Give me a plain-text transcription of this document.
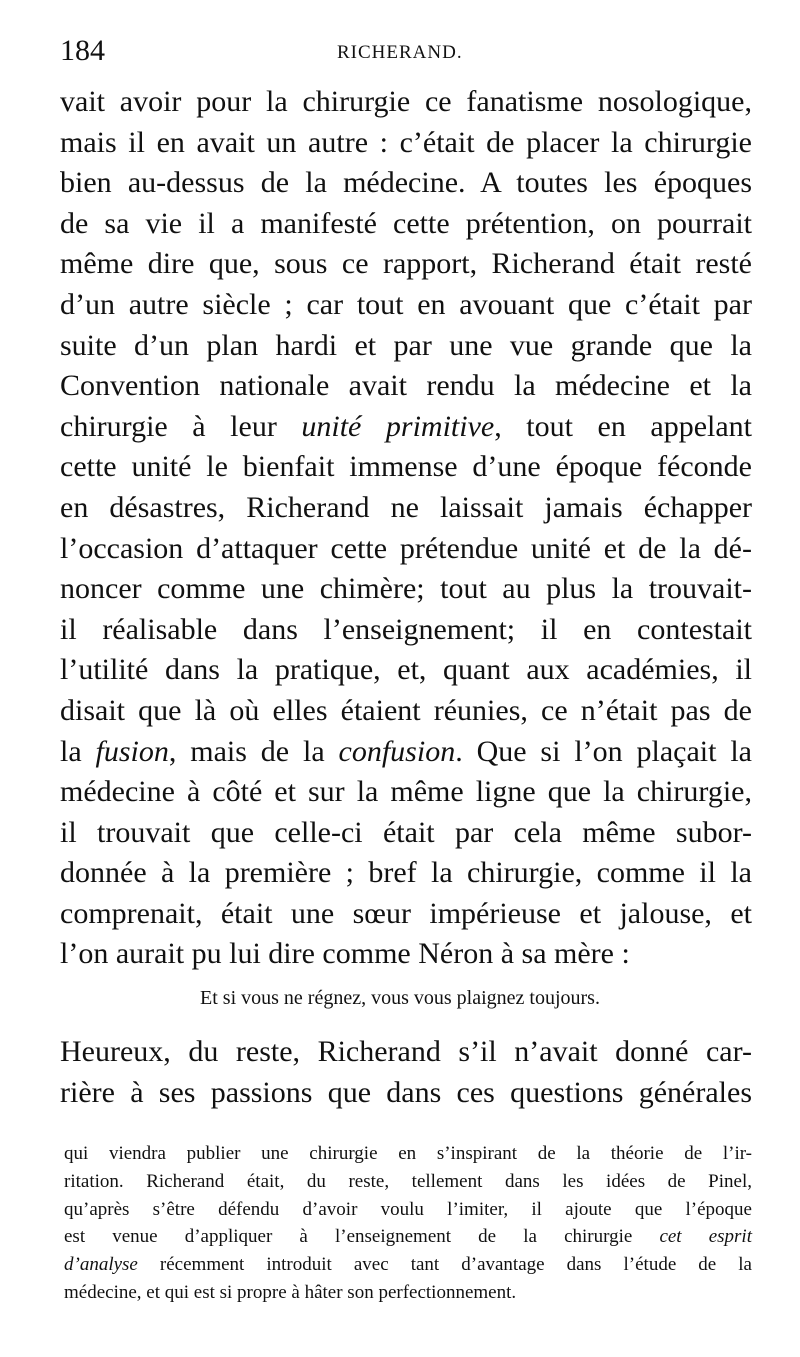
184	RICHERAND.
vait avoir pour la chirurgie ce fanatisme nosologique,
mais il en avait un autre : c’était de placer la chirurgie
bien au-dessus de la médecine. A toutes les époques
de sa vie il a manifesté cette prétention, on pourrait
même dire que, sous ce rapport, Richerand était resté
d’un autre siècle ; car tout en avouant que c’était par
suite d’un plan hardi et par une vue grande que la
Convention nationale avait rendu la médecine et la
chirurgie à leur unité primitive, tout en appelant
cette unité le bienfait immense d’une époque féconde
en désastres, Richerand ne laissait jamais échapper
l’occasion d’attaquer cette prétendue unité et de la dé-
noncer comme une chimère; tout au plus la trouvait-
il réalisable dans l’enseignement; il en contestait
l’utilité dans la pratique, et, quant aux académies, il
disait que là où elles étaient réunies, ce n’était pas de
la fusion, mais de la confusion. Que si l’on plaçait la
médecine à côté et sur la même ligne que la chirurgie,
il trouvait que celle-ci était par cela même subor-
donnée à la première ; bref la chirurgie, comme il la
comprenait, était une sœur impérieuse et jalouse, et
l’on aurait pu lui dire comme Néron à sa mère :
Et si vous ne régnez, vous vous plaignez toujours.
Heureux, du reste, Richerand s’il n’avait donné car-
rière à ses passions que dans ces questions générales
qui viendra publier une chirurgie en s’inspirant de la théorie de l’ir-
ritation. Richerand était, du reste, tellement dans les idées de Pinel,
qu’après s’être défendu d’avoir voulu l’imiter, il ajoute que l’époque
est venue d’appliquer à l’enseignement de la chirurgie cet esprit
d’analyse récemment introduit avec tant d’avantage dans l’étude de la
médecine, et qui est si propre à hâter son perfectionnement.
